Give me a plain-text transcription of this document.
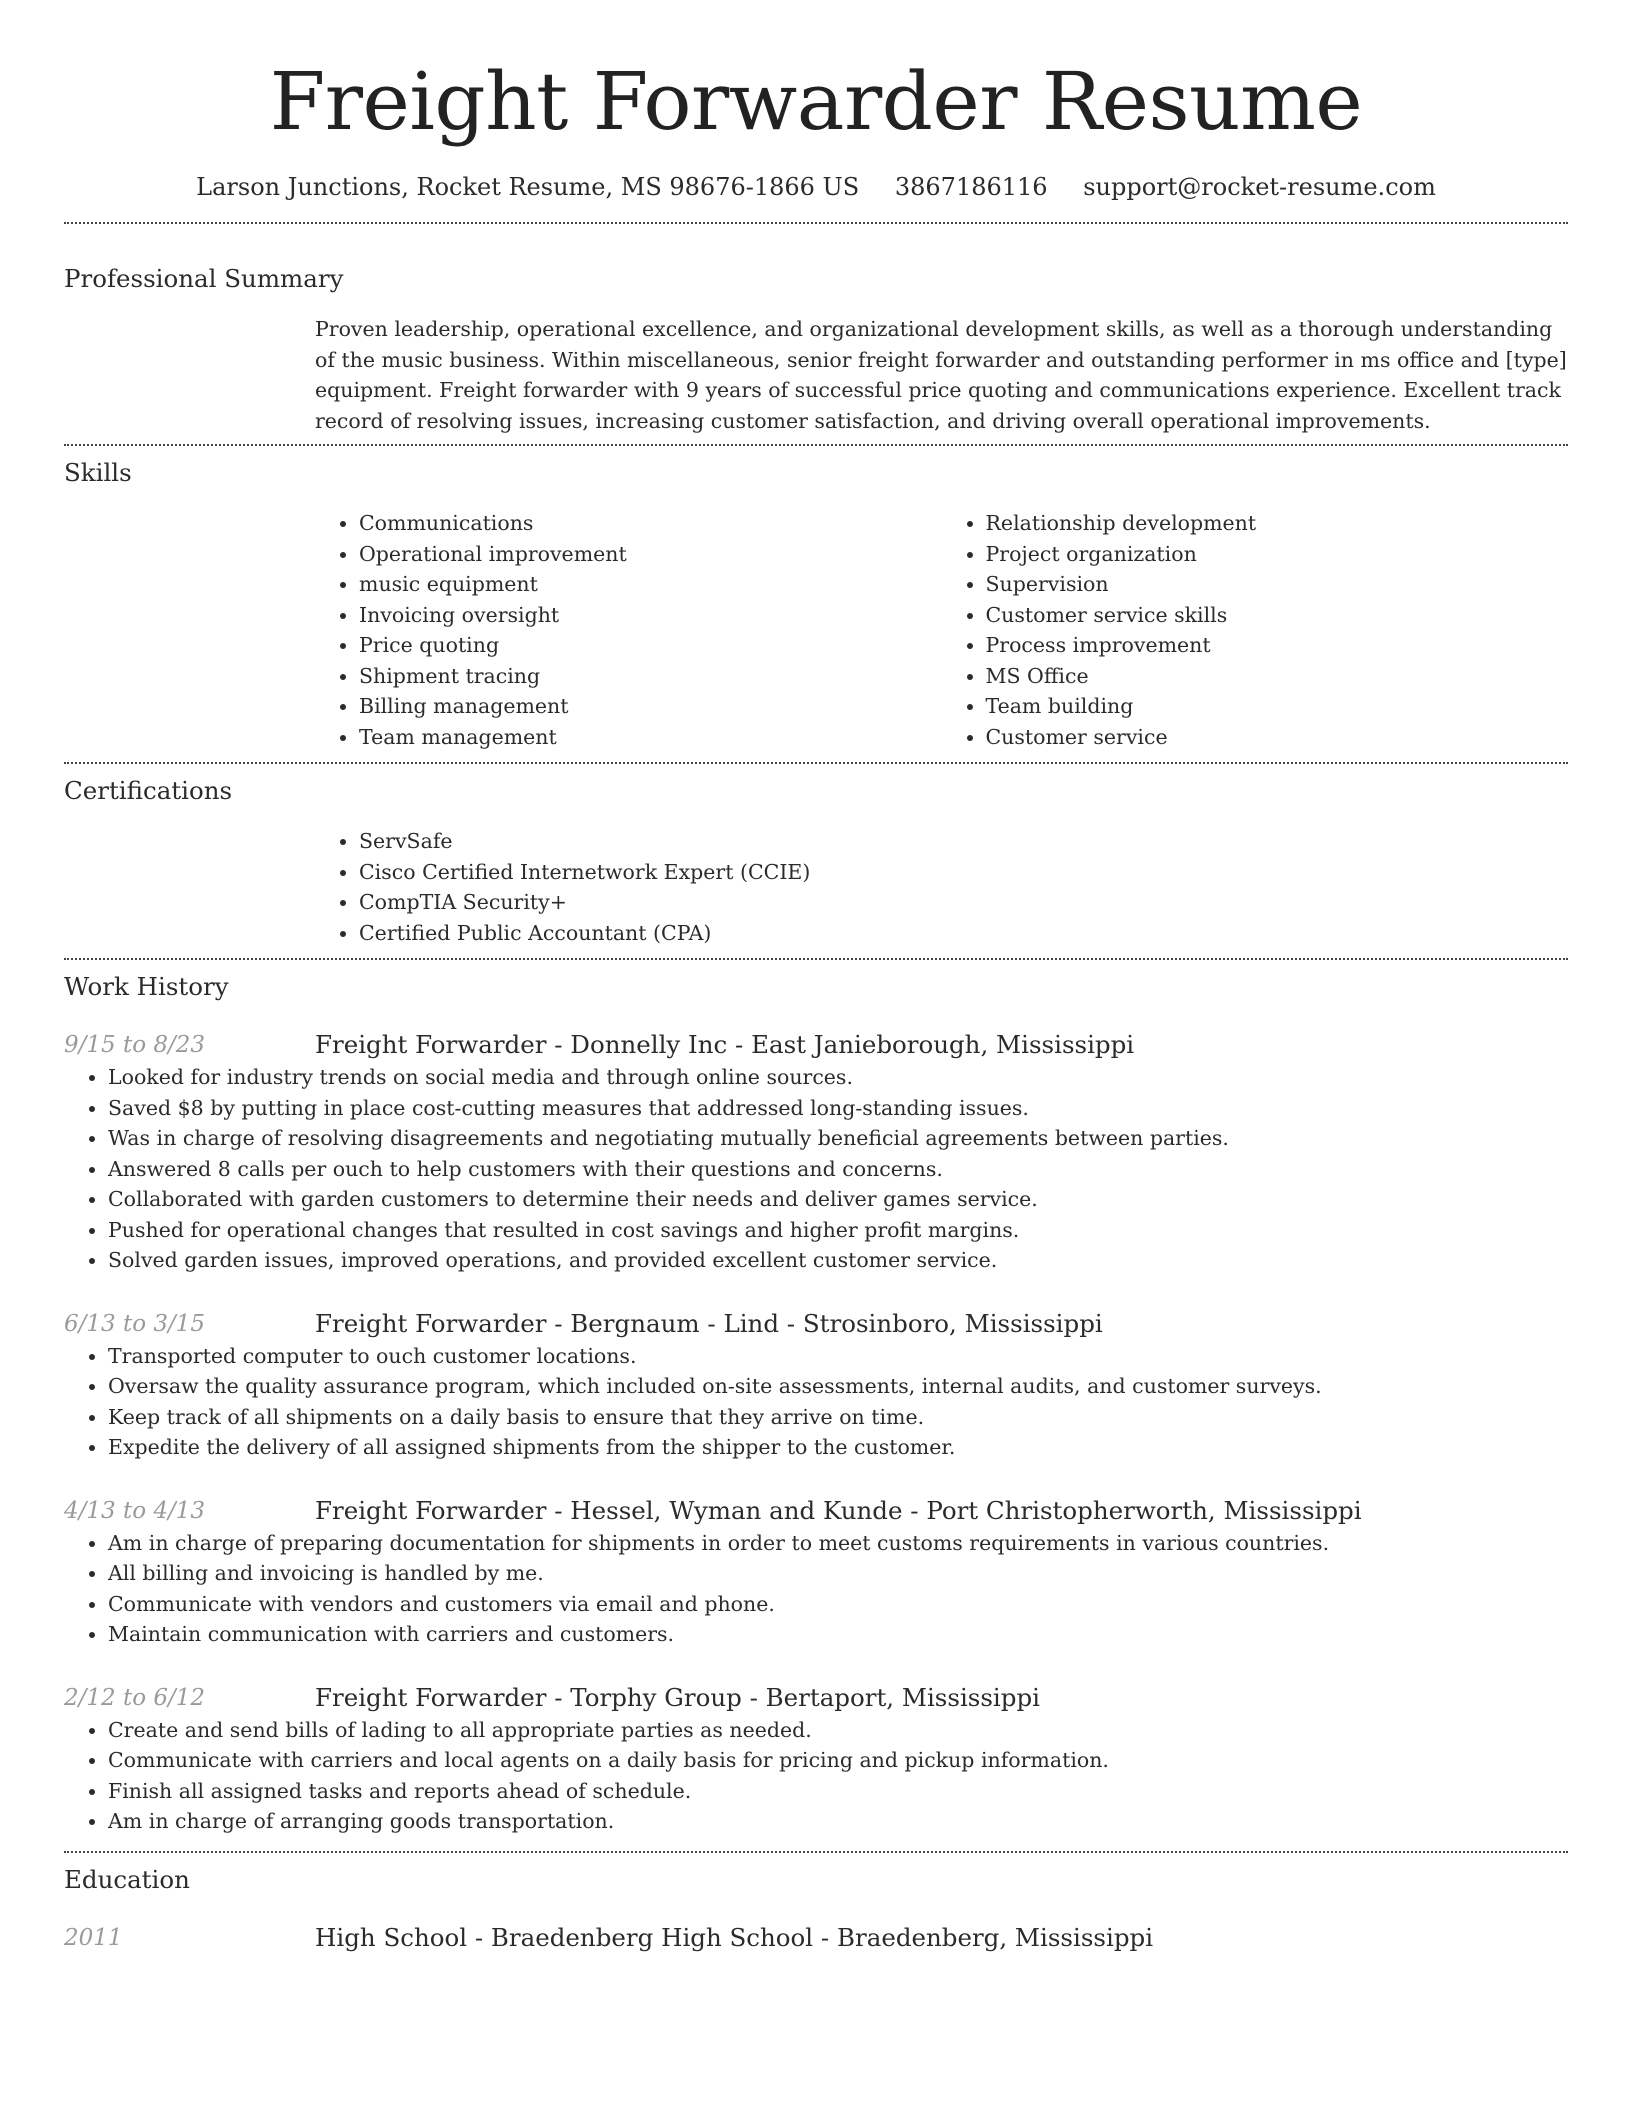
Freight Forwarder Resume
Larson Junctions, Rocket Resume, MS 98676-1866 US 3867186116 support@rocket-resume.com
Professional Summary

Proven leadership, operational excellence, and organizational development skills, as well as a thorough understanding of the music business. Within miscellaneous, senior freight forwarder and outstanding performer in ms office and [type] equipment. Freight forwarder with 9 years of successful price quoting and communications experience. Excellent track record of resolving issues, increasing customer satisfaction, and driving overall operational improvements.

Skills
• Communications
• Operational improvement
• music equipment
• Invoicing oversight
• Price quoting
• Shipment tracing
• Billing management
• Team management
• Relationship development
• Project organization
• Supervision
• Customer service skills
• Process improvement
• MS Office
• Team building
• Customer service
Certifications
• ServSafe
• Cisco Certified Internetwork Expert (CCIE)
• CompTIA Security+
• Certified Public Accountant (CPA)
Work History
9/15 to 8/23	Freight Forwarder - Donnelly Inc - East Janieborough, Mississippi
• Looked for industry trends on social media and through online sources.
• Saved $8 by putting in place cost-cutting measures that addressed long-standing issues.
• Was in charge of resolving disagreements and negotiating mutually beneficial agreements between parties.
• Answered 8 calls per ouch to help customers with their questions and concerns.
• Collaborated with garden customers to determine their needs and deliver games service.
• Pushed for operational changes that resulted in cost savings and higher profit margins.
• Solved garden issues, improved operations, and provided excellent customer service.
6/13 to 3/15	Freight Forwarder - Bergnaum - Lind - Strosinboro, Mississippi
• Transported computer to ouch customer locations.
• Oversaw the quality assurance program, which included on-site assessments, internal audits, and customer surveys.
• Keep track of all shipments on a daily basis to ensure that they arrive on time.
• Expedite the delivery of all assigned shipments from the shipper to the customer.
4/13 to 4/13	Freight Forwarder - Hessel, Wyman and Kunde - Port Christopherworth, Mississippi
• Am in charge of preparing documentation for shipments in order to meet customs requirements in various countries.
• All billing and invoicing is handled by me.
• Communicate with vendors and customers via email and phone.
• Maintain communication with carriers and customers.
2/12 to 6/12	Freight Forwarder - Torphy Group - Bertaport, Mississippi
• Create and send bills of lading to all appropriate parties as needed.
• Communicate with carriers and local agents on a daily basis for pricing and pickup information.
• Finish all assigned tasks and reports ahead of schedule.
• Am in charge of arranging goods transportation.
Education
2011	High School - Braedenberg High School - Braedenberg, Mississippi
